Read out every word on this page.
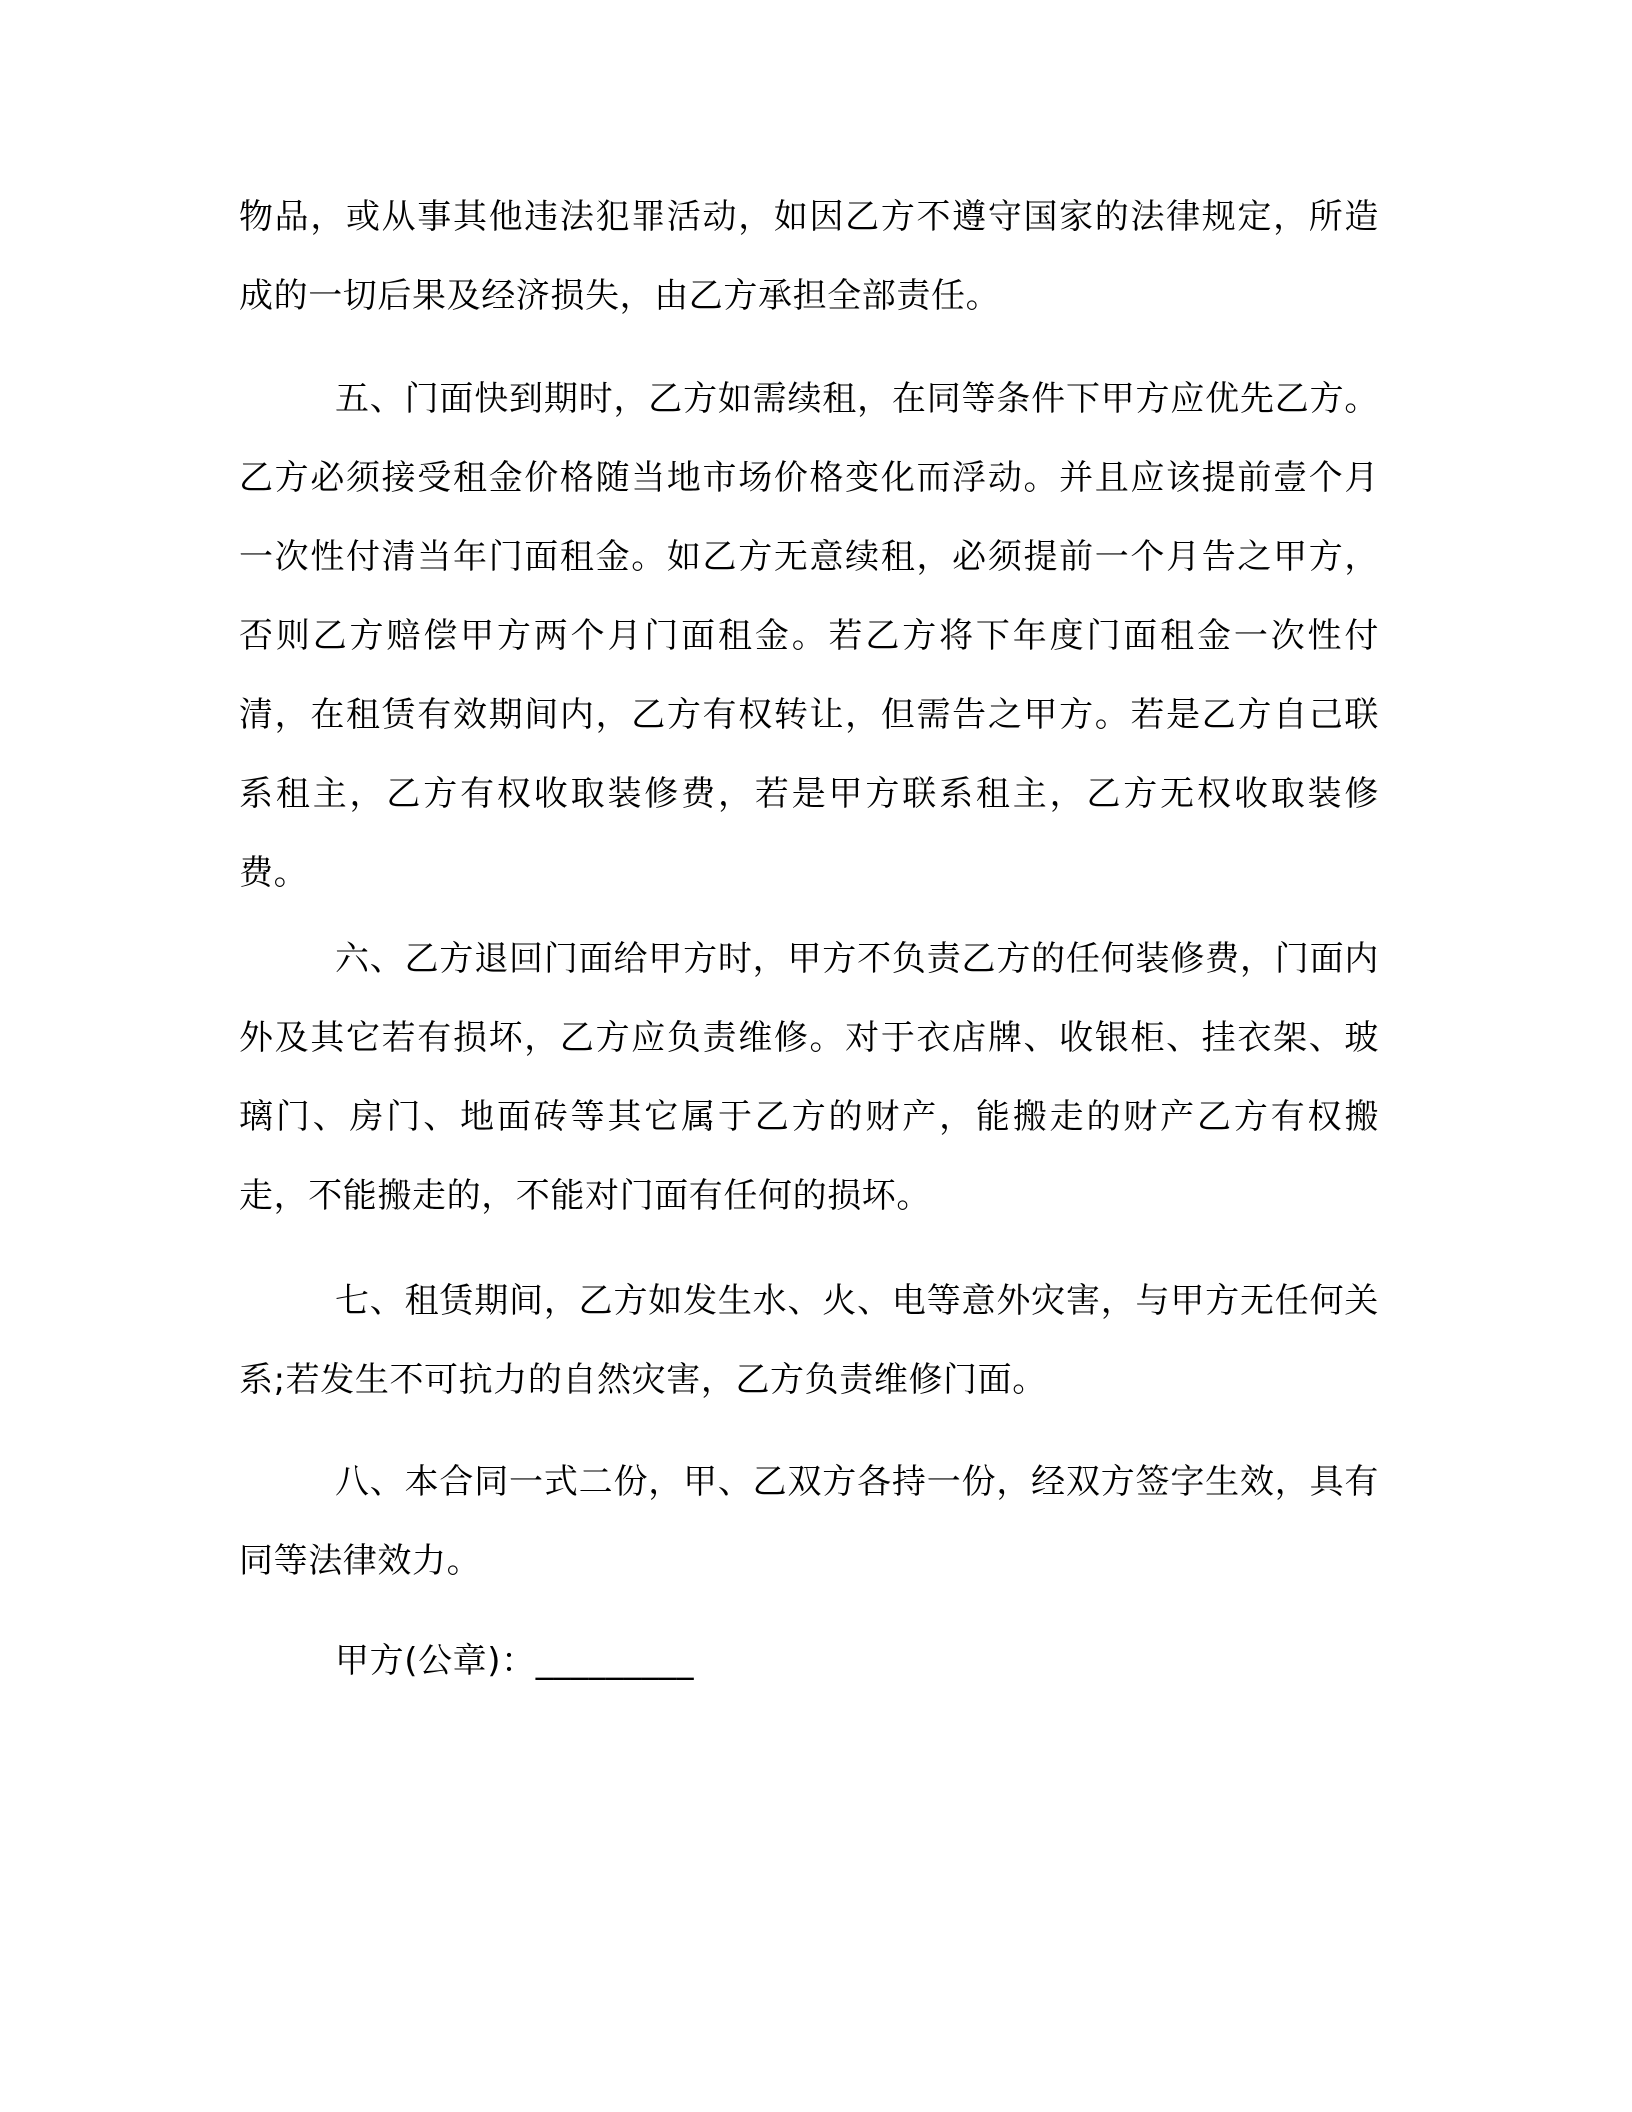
物品，或从事其他违法犯罪活动，如因乙方不遵守国家的法律规定，所造成的一切后果及经济损失，由乙方承担全部责任。

五、门面快到期时，乙方如需续租，在同等条件下甲方应优先乙方。乙方必须接受租金价格随当地市场价格变化而浮动。并且应该提前壹个月一次性付清当年门面租金。如乙方无意续租，必须提前一个月告之甲方，否则乙方赔偿甲方两个月门面租金。若乙方将下年度门面租金一次性付清，在租赁有效期间内，乙方有权转让，但需告之甲方。若是乙方自己联系租主，乙方有权收取装修费，若是甲方联系租主，乙方无权收取装修费。

六、乙方退回门面给甲方时，甲方不负责乙方的任何装修费，门面内外及其它若有损坏，乙方应负责维修。对于衣店牌、收银柜、挂衣架、玻璃门、房门、地面砖等其它属于乙方的财产，能搬走的财产乙方有权搬走，不能搬走的，不能对门面有任何的损坏。

七、租赁期间，乙方如发生水、火、电等意外灾害，与甲方无任何关系;若发生不可抗力的自然灾害，乙方负责维修门面。

八、本合同一式二份，甲、乙双方各持一份，经双方签字生效，具有同等法律效力。

甲方(公章)：_________
